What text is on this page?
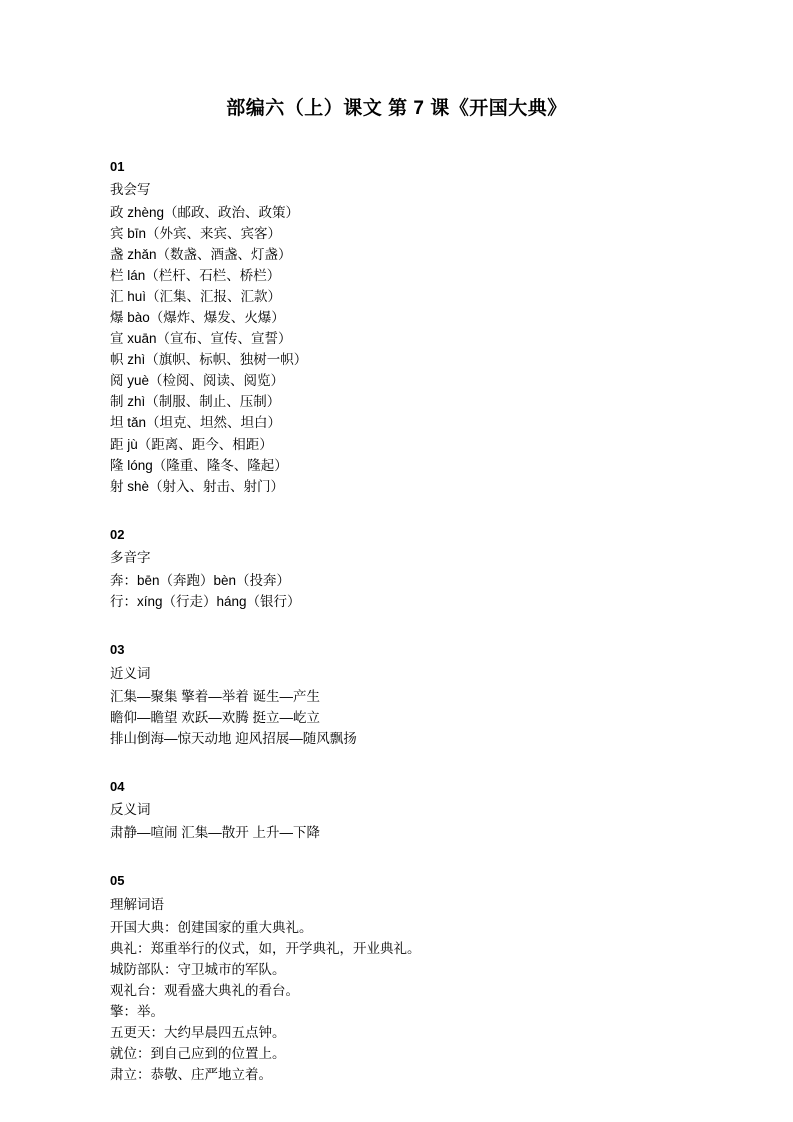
部编六（上）课文 第 7 课《开国大典》
01
我会写
政 zhèng（邮政、政治、政策）
宾 bīn（外宾、来宾、宾客）
盏 zhǎn（数盏、酒盏、灯盏）
栏 lán（栏杆、石栏、桥栏）
汇 huì（汇集、汇报、汇款）
爆 bào（爆炸、爆发、火爆）
宣 xuān（宣布、宣传、宣誓）
帜 zhì（旗帜、标帜、独树一帜）
阅 yuè（检阅、阅读、阅览）
制 zhì（制服、制止、压制）
坦 tǎn（坦克、坦然、坦白）
距 jù（距离、距今、相距）
隆 lóng（隆重、隆冬、隆起）
射 shè（射入、射击、射门）
02
多音字
奔：bēn（奔跑）bèn（投奔）
行：xíng（行走）háng（银行）
03
近义词
汇集—聚集 擎着—举着 诞生—产生
瞻仰—瞻望 欢跃—欢腾 挺立—屹立
排山倒海—惊天动地 迎风招展—随风飘扬
04
反义词
肃静—喧闹 汇集—散开 上升—下降
05
理解词语
开国大典：创建国家的重大典礼。
典礼：郑重举行的仪式，如，开学典礼，开业典礼。
城防部队：守卫城市的军队。
观礼台：观看盛大典礼的看台。
擎：举。
五更天：大约早晨四五点钟。
就位：到自己应到的位置上。
肃立：恭敬、庄严地立着。
